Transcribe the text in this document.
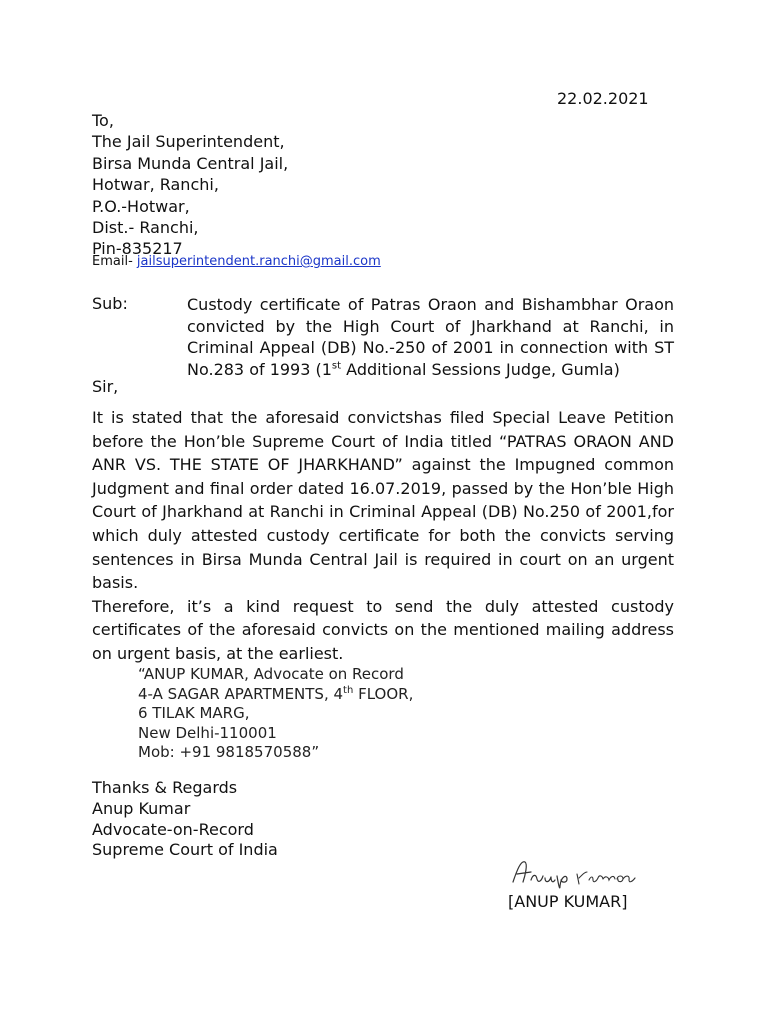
22.02.2021
To,
The Jail Superintendent,
Birsa Munda Central Jail,
Hotwar, Ranchi,
P.O.-Hotwar,
Dist.- Ranchi,
Pin-835217
Email- jailsuperintendent.ranchi@gmail.com
Sub:	Custody certificate of Patras Oraon and Bishambhar Oraon convicted by the High Court of Jharkhand at Ranchi, in Criminal Appeal (DB) No.-250 of 2001 in connection with ST No.283 of 1993 (1st Additional Sessions Judge, Gumla)
Sir,

It is stated that the aforesaid convictshas filed Special Leave Petition before the Hon’ble Supreme Court of India titled “PATRAS ORAON AND ANR VS. THE STATE OF JHARKHAND” against the Impugned common Judgment and final order dated 16.07.2019, passed by the Hon’ble High Court of Jharkhand at Ranchi in Criminal Appeal (DB) No.250 of 2001,for which duly attested custody certificate for both the convicts serving sentences in Birsa Munda Central Jail is required in court on an urgent basis.

Therefore, it’s a kind request to send the duly attested custody certificates of the aforesaid convicts on the mentioned mailing address on urgent basis, at the earliest.

“ANUP KUMAR, Advocate on Record
4-A SAGAR APARTMENTS, 4th FLOOR,
6 TILAK MARG,
New Delhi-110001
Mob: +91 9818570588”
Thanks & Regards
Anup Kumar
Advocate-on-Record
Supreme Court of India
[ANUP KUMAR]
